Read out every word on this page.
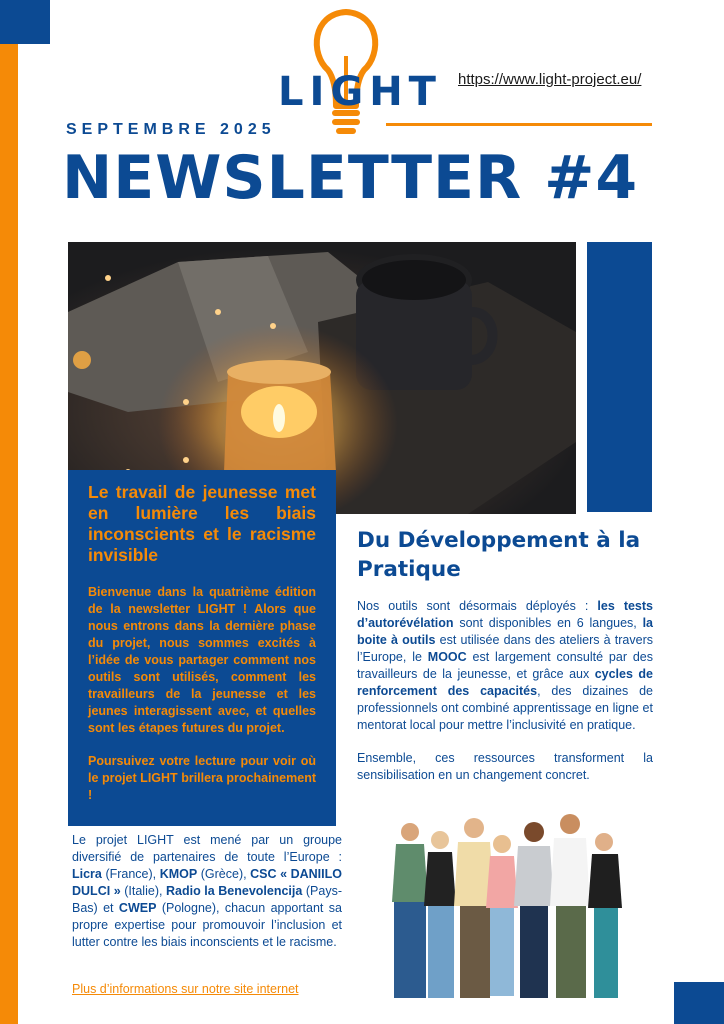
LIGHT https://www.light-project.eu/
SEPTEMBRE 2025
NEWSLETTER #4

Le travail de jeunesse met en lumière les biais inconscients et le racisme invisible

Bienvenue dans la quatrième édition de la newsletter LIGHT ! Alors que nous entrons dans la dernière phase du projet, nous sommes excités à l’idée de vous partager comment nos outils sont utilisés, comment les travailleurs de la jeunesse et les jeunes interagissent avec, et quelles sont les étapes futures du projet.

Poursuivez votre lecture pour voir où le projet LIGHT brillera prochainement !

Du Développement à la Pratique

Nos outils sont désormais déployés : les tests d’autorévélation sont disponibles en 6 langues, la boite à outils est utilisée dans des ateliers à travers l’Europe, le MOOC est largement consulté par des travailleurs de la jeunesse, et grâce aux cycles de renforcement des capacités, des dizaines de professionnels ont combiné apprentissage en ligne et mentorat local pour mettre l’inclusivité en pratique.

Ensemble, ces ressources transforment la sensibilisation en un changement concret.

Le projet LIGHT est mené par un groupe diversifié de partenaires de toute l’Europe : Licra (France), KMOP (Grèce), CSC « DANIILO DULCI » (Italie), Radio la Benevolencija (Pays-Bas) et CWEP (Pologne), chacun apportant sa propre expertise pour promouvoir l’inclusion et lutter contre les biais inconscients et le racisme.
Plus d’informations sur notre site internet
